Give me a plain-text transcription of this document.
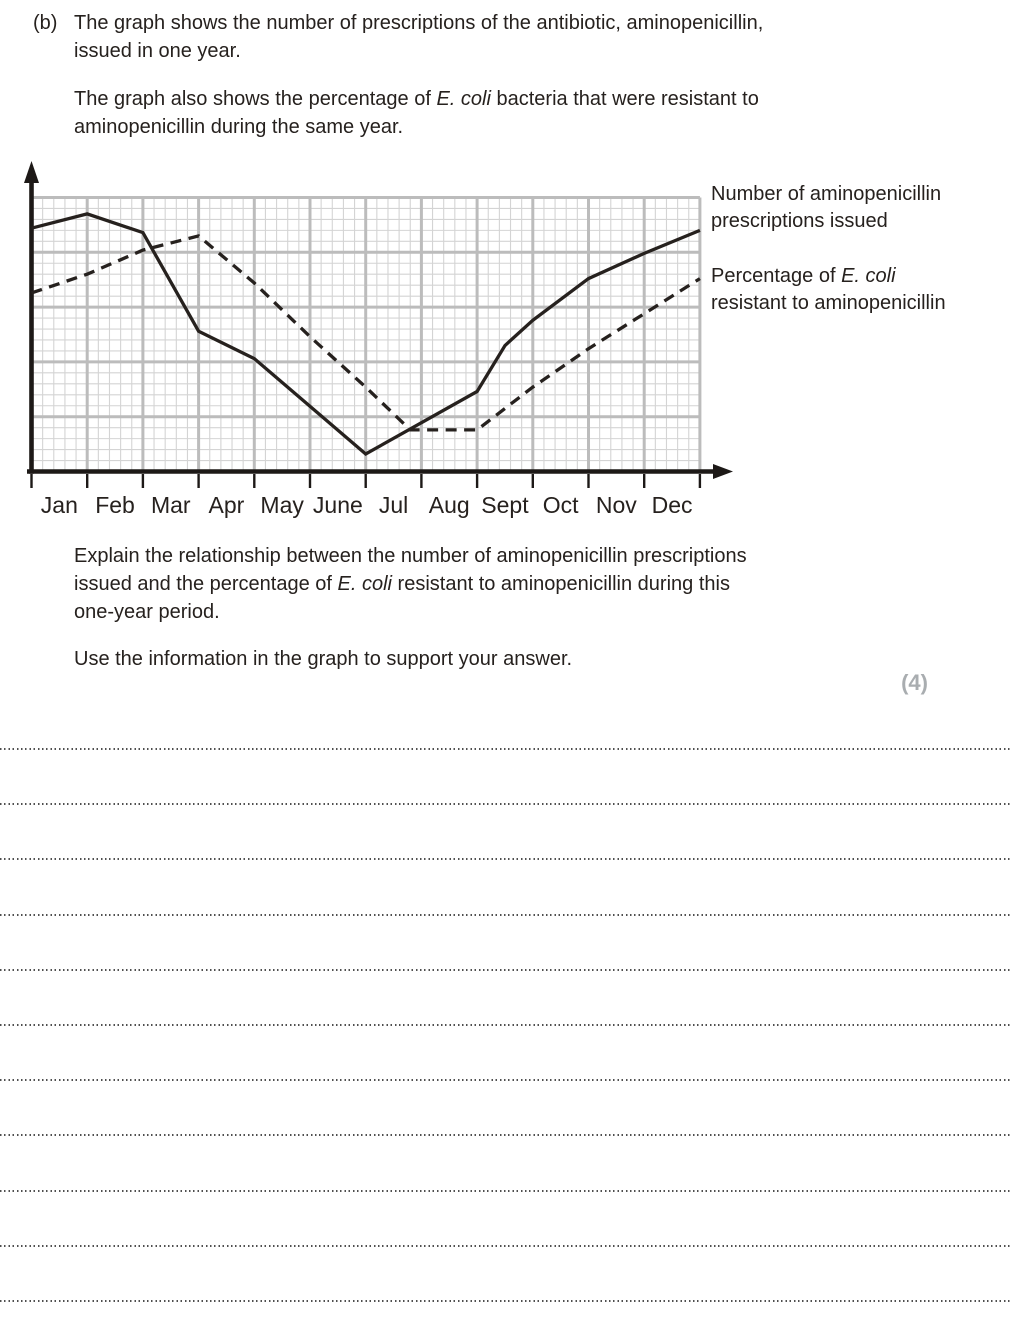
(b) The graph shows the number of prescriptions of the antibiotic, aminopenicillin,
issued in one year.
The graph also shows the percentage of E. coli bacteria that were resistant to
aminopenicillin during the same year.
Jan Feb Mar Apr May June Jul Aug Sept Oct Nov Dec
Number of aminopenicillin
prescriptions issued
Percentage of E. coli
resistant to aminopenicillin
Explain the relationship between the number of aminopenicillin prescriptions
issued and the percentage of E. coli resistant to aminopenicillin during this
one-year period.
Use the information in the graph to support your answer.
(4)
